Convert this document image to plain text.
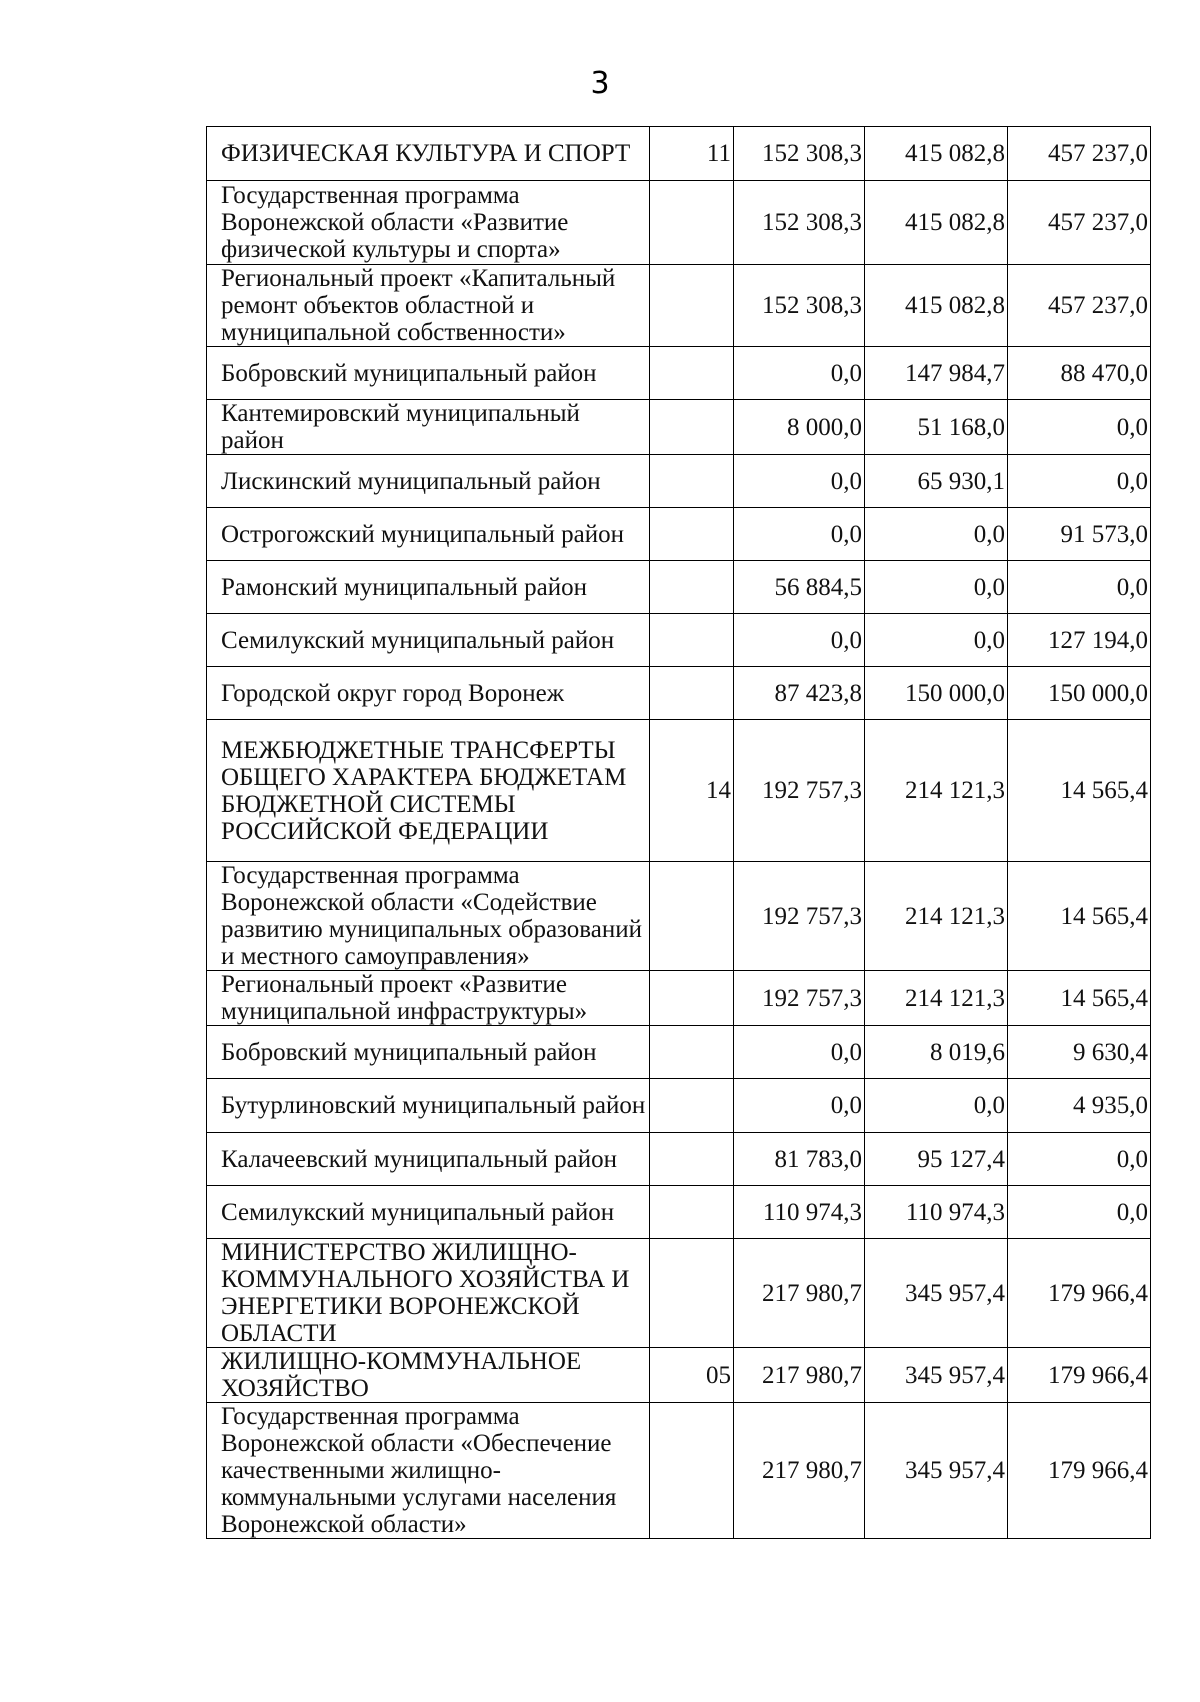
3
ФИЗИЧЕСКАЯ КУЛЬТУРА И СПОРТ	11	152 308,3	415 082,8	457 237,0
Государственная программа Воронежской области «Развитие физической культуры и спорта»		152 308,3	415 082,8	457 237,0
Региональный проект «Капитальный ремонт объектов областной и муниципальной собственности»		152 308,3	415 082,8	457 237,0
Бобровский муниципальный район		0,0	147 984,7	88 470,0
Кантемировский муниципальный район		8 000,0	51 168,0	0,0
Лискинский муниципальный район		0,0	65 930,1	0,0
Острогожский муниципальный район		0,0	0,0	91 573,0
Рамонский муниципальный район		56 884,5	0,0	0,0
Семилукский муниципальный район		0,0	0,0	127 194,0
Городской округ город Воронеж		87 423,8	150 000,0	150 000,0
МЕЖБЮДЖЕТНЫЕ ТРАНСФЕРТЫ ОБЩЕГО ХАРАКТЕРА БЮДЖЕТАМ БЮДЖЕТНОЙ СИСТЕМЫ РОССИЙСКОЙ ФЕДЕРАЦИИ	14	192 757,3	214 121,3	14 565,4
Государственная программа Воронежской области «Содействие развитию муниципальных образований и местного самоуправления»		192 757,3	214 121,3	14 565,4
Региональный проект «Развитие муниципальной инфраструктуры»		192 757,3	214 121,3	14 565,4
Бобровский муниципальный район		0,0	8 019,6	9 630,4
Бутурлиновский муниципальный район		0,0	0,0	4 935,0
Калачеевский муниципальный район		81 783,0	95 127,4	0,0
Семилукский муниципальный район		110 974,3	110 974,3	0,0
МИНИСТЕРСТВО ЖИЛИЩНО-КОММУНАЛЬНОГО ХОЗЯЙСТВА И ЭНЕРГЕТИКИ ВОРОНЕЖСКОЙ ОБЛАСТИ		217 980,7	345 957,4	179 966,4
ЖИЛИЩНО-КОММУНАЛЬНОЕ ХОЗЯЙСТВО	05	217 980,7	345 957,4	179 966,4
Государственная программа Воронежской области «Обеспечение качественными жилищно-коммунальными услугами населения Воронежской области»		217 980,7	345 957,4	179 966,4
